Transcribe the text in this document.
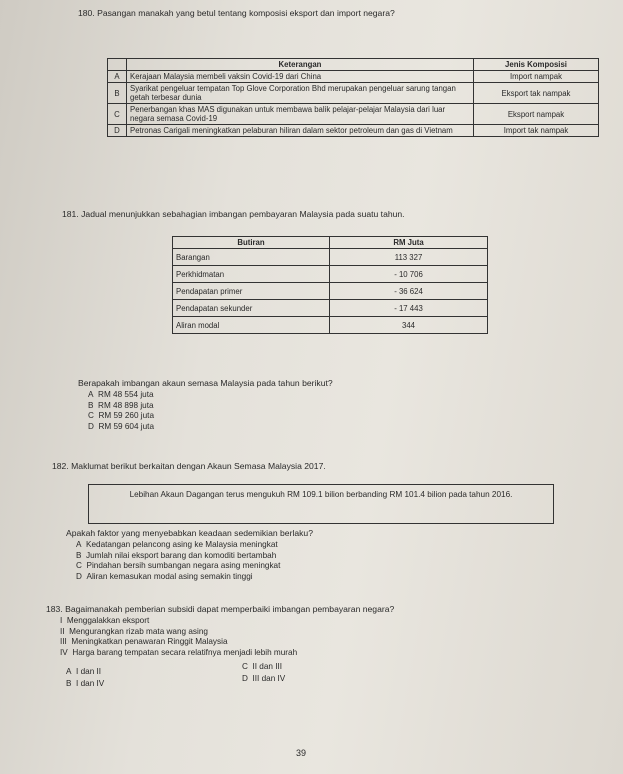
180. Pasangan manakah yang betul tentang komposisi eksport dan import negara?
	Keterangan	Jenis Komposisi
A	Kerajaan Malaysia membeli vaksin Covid-19 dari China	Import nampak
B	Syarikat pengeluar tempatan Top Glove Corporation Bhd merupakan pengeluar sarung tangan getah terbesar dunia	Eksport tak nampak
C	Penerbangan khas MAS digunakan untuk membawa balik pelajar-pelajar Malaysia dari luar negara semasa Covid-19	Eksport nampak
D	Petronas Carigali meningkatkan pelaburan hiliran dalam sektor petroleum dan gas di Vietnam	Import tak nampak
181. Jadual menunjukkan sebahagian imbangan pembayaran Malaysia pada suatu tahun.
Butiran	RM Juta
Barangan	113 327
Perkhidmatan	- 10 706
Pendapatan primer	- 36 624
Pendapatan sekunder	- 17 443
Aliran modal	344
Berapakah imbangan akaun semasa Malaysia pada tahun berikut?
A RM 48 554 juta
B RM 48 898 juta
C RM 59 260 juta
D RM 59 604 juta
182. Maklumat berikut berkaitan dengan Akaun Semasa Malaysia 2017.
Lebihan Akaun Dagangan terus mengukuh RM 109.1 bilion berbanding RM 101.4 bilion pada tahun 2016.
Apakah faktor yang menyebabkan keadaan sedemikian berlaku?
A Kedatangan pelancong asing ke Malaysia meningkat
B Jumlah nilai eksport barang dan komoditi bertambah
C Pindahan bersih sumbangan negara asing meningkat
D Aliran kemasukan modal asing semakin tinggi
183. Bagaimanakah pemberian subsidi dapat memperbaiki imbangan pembayaran negara?
I Menggalakkan eksport
II Mengurangkan rizab mata wang asing
III Meningkatkan penawaran Ringgit Malaysia
IV Harga barang tempatan secara relatifnya menjadi lebih murah
A I dan II
B I dan IV
C II dan III
D III dan IV
39
